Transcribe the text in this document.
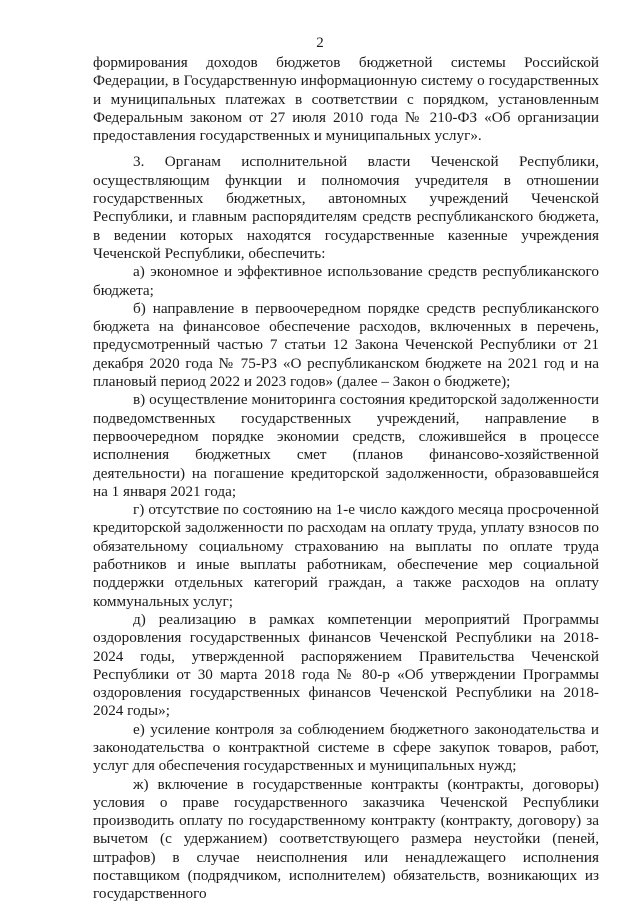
2

формирования доходов бюджетов бюджетной системы Российской Федерации, в Государственную информационную систему о государственных и муниципальных платежах в соответствии с порядком, установленным Федеральным законом от 27 июля 2010 года № 210-ФЗ «Об организации предоставления государственных и муниципальных услуг».

3. Органам исполнительной власти Чеченской Республики, осуществляющим функции и полномочия учредителя в отношении государственных бюджетных, автономных учреждений Чеченской Республики, и главным распорядителям средств республиканского бюджета, в ведении которых находятся государственные казенные учреждения Чеченской Республики, обеспечить:

а) экономное и эффективное использование средств республиканского бюджета;

б) направление в первоочередном порядке средств республиканского бюджета на финансовое обеспечение расходов, включенных в перечень, предусмотренный частью 7 статьи 12 Закона Чеченской Республики от 21 декабря 2020 года № 75-РЗ «О республиканском бюджете на 2021 год и на плановый период 2022 и 2023 годов» (далее – Закон о бюджете);

в) осуществление мониторинга состояния кредиторской задолженности подведомственных государственных учреждений, направление в первоочередном порядке экономии средств, сложившейся в процессе исполнения бюджетных смет (планов финансово-хозяйственной деятельности) на погашение кредиторской задолженности, образовавшейся на 1 января 2021 года;

г) отсутствие по состоянию на 1-е число каждого месяца просроченной кредиторской задолженности по расходам на оплату труда, уплату взносов по обязательному социальному страхованию на выплаты по оплате труда работников и иные выплаты работникам, обеспечение мер социальной поддержки отдельных категорий граждан, а также расходов на оплату коммунальных услуг;

д) реализацию в рамках компетенции мероприятий Программы оздоровления государственных финансов Чеченской Республики на 2018-2024 годы, утвержденной распоряжением Правительства Чеченской Республики от 30 марта 2018 года № 80-р «Об утверждении Программы оздоровления государственных финансов Чеченской Республики на 2018-2024 годы»;

е) усиление контроля за соблюдением бюджетного законодательства и законодательства о контрактной системе в сфере закупок товаров, работ, услуг для обеспечения государственных и муниципальных нужд;

ж) включение в государственные контракты (контракты, договоры) условия о праве государственного заказчика Чеченской Республики производить оплату по государственному контракту (контракту, договору) за вычетом (с удержанием) соответствующего размера неустойки (пеней, штрафов) в случае неисполнения или ненадлежащего исполнения поставщиком (подрядчиком, исполнителем) обязательств, возникающих из государственного
